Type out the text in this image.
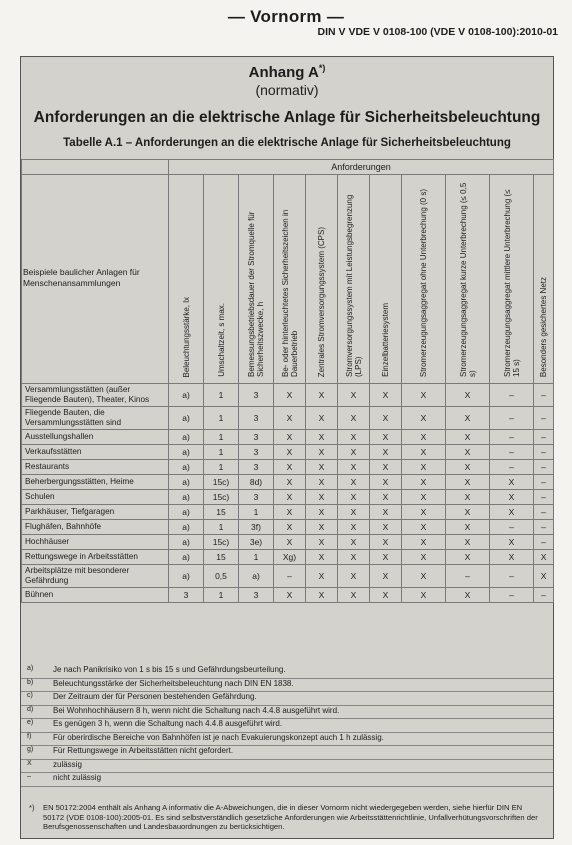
— Vornorm —
DIN V VDE V 0108-100 (VDE V 0108-100):2010-01
Anhang A*)
(normativ)
Anforderungen an die elektrische Anlage für Sicherheitsbeleuchtung
Tabelle A.1 – Anforderungen an die elektrische Anlage für Sicherheitsbeleuchtung
	Anforderungen										
Beispiele baulicher Anlagen für Menschenansammlungen	Beleuchtungsstärke, lx	Umschaltzeit, s max.	Bemessungsbetriebsdauer der Stromquelle für Sicherheitszwecke, h	Be- oder hinterleuchtetes Sicherheitszeichen in Dauerbetrieb	Zentrales Stromversorgungssystem (CPS)	Stromversorgungssystem mit Leistungsbegrenzung (LPS)	Einzelbatteriesystem	Stromerzeugungsaggregat ohne Unterbrechung (0 s)	Stromerzeugungsaggregat kurze Unterbrechung (≤ 0,5 s)	Stromerzeugungsaggregat mittlere Unterbrechung (≤ 15 s)	Besonders gesichertes Netz
Versammlungsstätten (außer Fliegende Bauten), Theater, Kinos	a)	1	3	X	X	X	X	X	X	–	–
Fliegende Bauten, die Versammlungsstätten sind	a)	1	3	X	X	X	X	X	X	–	–
Ausstellungshallen	a)	1	3	X	X	X	X	X	X	–	–
Verkaufsstätten	a)	1	3	X	X	X	X	X	X	–	–
Restaurants	a)	1	3	X	X	X	X	X	X	–	–
Beherbergungsstätten, Heime	a)	15c)	8d)	X	X	X	X	X	X	X	–
Schulen	a)	15c)	3	X	X	X	X	X	X	X	–
Parkhäuser, Tiefgaragen	a)	15	1	X	X	X	X	X	X	X	–
Flughäfen, Bahnhöfe	a)	1	3f)	X	X	X	X	X	X	–	–
Hochhäuser	a)	15c)	3e)	X	X	X	X	X	X	X	–
Rettungswege in Arbeitsstätten	a)	15	1	Xg)	X	X	X	X	X	X	X
Arbeitsplätze mit besonderer Gefährdung	a)	0,5	a)	–	X	X	X	X	–	–	X
Bühnen	3	1	3	X	X	X	X	X	X	–	–
a)	Je nach Panikrisiko von 1 s bis 15 s und Gefährdungsbeurteilung.
b)	Beleuchtungsstärke der Sicherheitsbeleuchtung nach DIN EN 1838.
c)	Der Zeitraum der für Personen bestehenden Gefährdung.
d)	Bei Wohnhochhäusern 8 h, wenn nicht die Schaltung nach 4.4.8 ausgeführt wird.
e)	Es genügen 3 h, wenn die Schaltung nach 4.4.8 ausgeführt wird.
f)	Für oberirdische Bereiche von Bahnhöfen ist je nach Evakuierungskonzept auch 1 h zulässig.
g)	Für Rettungswege in Arbeitsstätten nicht gefordert.
X	zulässig
–	nicht zulässig
*) EN 50172:2004 enthält als Anhang A informativ die A-Abweichungen, die in dieser Vornorm nicht wiedergegeben werden, siehe hierfür DIN EN 50172 (VDE 0108-100):2005-01. Es sind selbstverständlich gesetzliche Anforderungen wie Arbeitsstättenrichtlinie, Unfallverhütungsvorschriften der Berufsgenossenschaften und Landesbauordnungen zu berücksichtigen.
